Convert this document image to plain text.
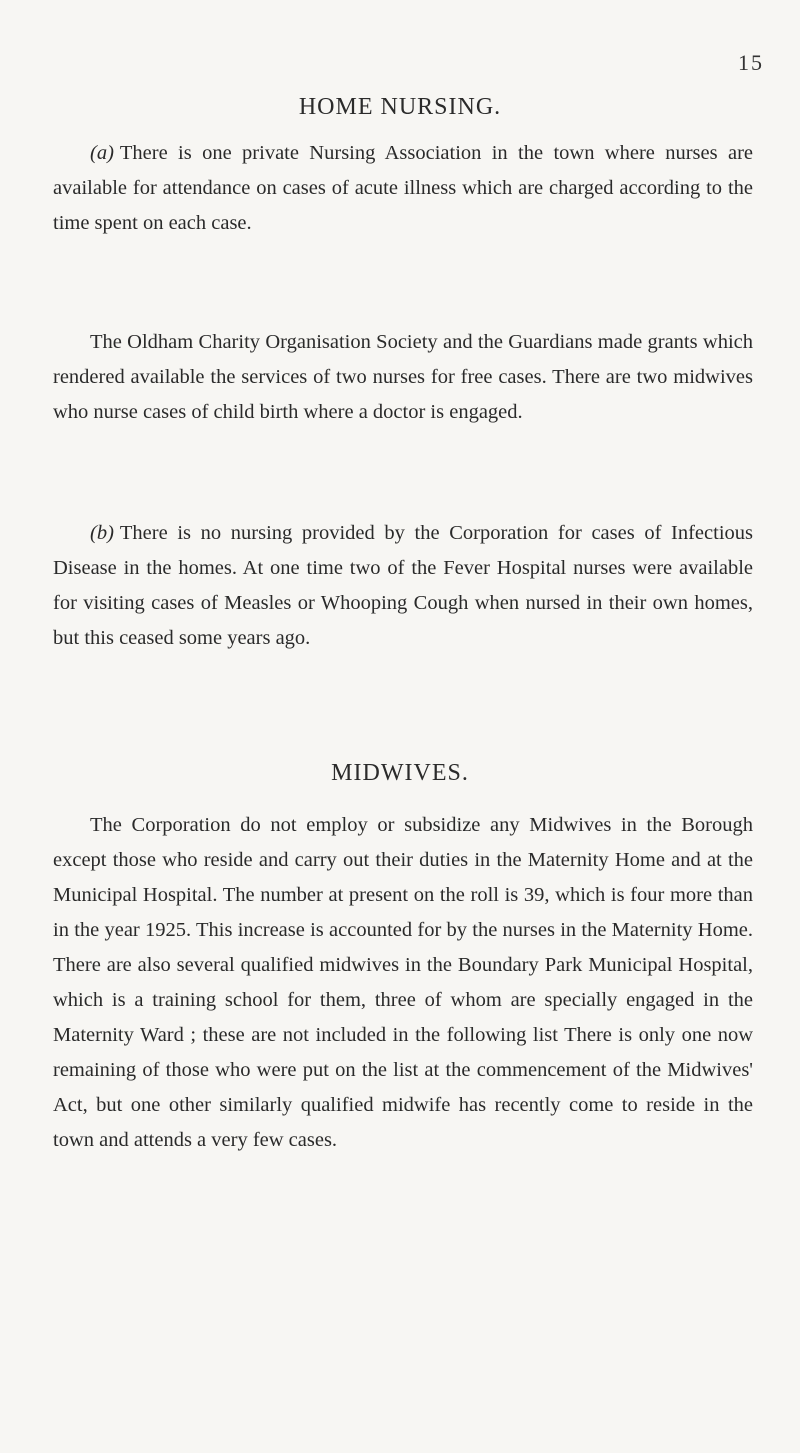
15
HOME NURSING.
(a) There is one private Nursing Association in the town where nurses are available for attendance on cases of acute illness which are charged according to the time spent on each case.
The Oldham Charity Organisation Society and the Guardians made grants which rendered available the services of two nurses for free cases. There are two midwives who nurse cases of child birth where a doctor is engaged.
(b) There is no nursing provided by the Corporation for cases of Infectious Disease in the homes. At one time two of the Fever Hospital nurses were available for visiting cases of Measles or Whooping Cough when nursed in their own homes, but this ceased some years ago.
MIDWIVES.
The Corporation do not employ or subsidize any Midwives in the Borough except those who reside and carry out their duties in the Maternity Home and at the Municipal Hospital. The number at present on the roll is 39, which is four more than in the year 1925. This increase is accounted for by the nurses in the Maternity Home. There are also several qualified midwives in the Boundary Park Municipal Hospital, which is a training school for them, three of whom are specially engaged in the Maternity Ward ; these are not included in the following list There is only one now remaining of those who were put on the list at the commencement of the Midwives' Act, but one other similarly qualified midwife has recently come to reside in the town and attends a very few cases.
